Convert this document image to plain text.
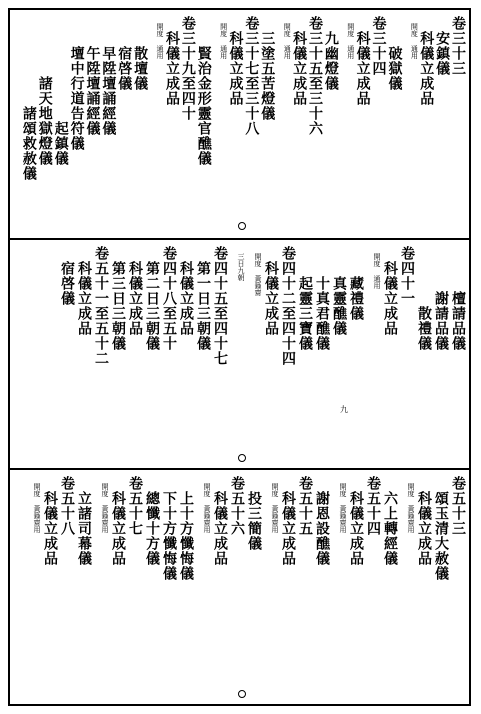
卷三十三
　安鎮儀
　科儀立成品
　開度 通用
　　破獄儀
卷三十四
　科儀立成品
　開度 通用
　九幽燈儀
卷三十五至三十六
　科儀立成品
　開度 通用
　三塗五苦燈儀
卷三十七至三十八
　科儀立成品
　開度 通用
　　賢治金形靈官醮儀
卷三十九至四十
　科儀立成品
　開度 通用
　　散壇儀
　　宿啓儀
　　早陞壇誦經儀
　　午陞壇誦經儀
　　壇中行道告符儀
　　　　　　　起鎮儀
　　　　諸天地獄燈儀
　　　　　　諸頌救赦儀
　　　檀請品儀
　　　謝請品儀
　　　　散禮儀
卷四十一
　科儀立成品
　開度 通用
　　藏禮儀
　　真靈醮儀
　　十真君醮儀
　　起靈三寶儀
卷四十二至四十四
　科儀立成品
　開度 黃籙齋
　三日九朝
卷四十五至四十七
　第一日三朝儀
　科儀立成品
卷四十八至五十
　第二日三朝儀
　科儀立成品
　第三日三朝儀
卷五十一至五十二
　科儀立成品
　宿啓儀
卷五十三
　頌玉清大赦儀
　科儀立成品
　開度 黃籙齋用
　六上轉經儀
卷五十四
　科儀立成品
　開度 黃籙齋用
　謝恩設醮儀
卷五十五
　科儀立成品
　開度 黃籙齋用
　投三簡儀
卷五十六
　科儀立成品
　開度 黃籙齋用
　上十方懺悔儀
　下十方懺悔儀
　總懺十方儀
卷五十七
　科儀立成品
　開度 黃籙齋用
　立諸司幕儀
卷五十八
　科儀立成品
　開度 黃籙齋用
九
